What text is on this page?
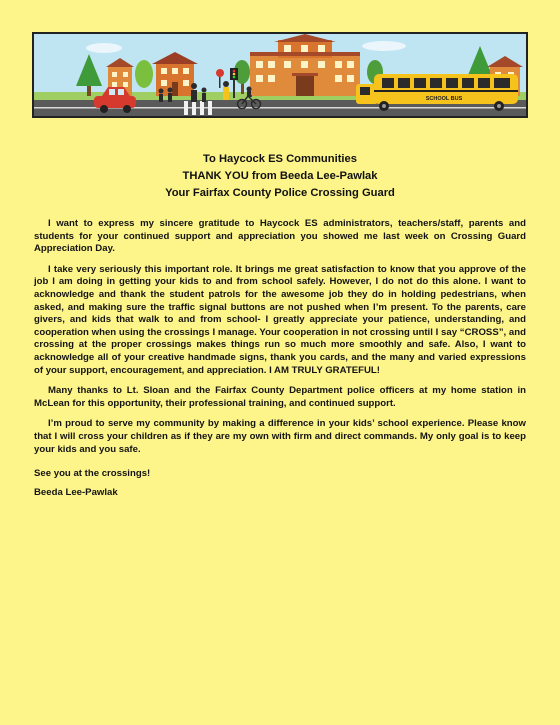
SCHOOL BUS
To Haycock ES Communities
THANK YOU from Beeda Lee-Pawlak
Your Fairfax County Police Crossing Guard

I want to express my sincere gratitude to Haycock ES administrators, teachers/staff, parents and students for your continued support and appreciation you showed me last week on Crossing Guard Appreciation Day.

I take very seriously this important role. It brings me great satisfaction to know that you approve of the job I am doing in getting your kids to and from school safely. However, I do not do this alone. I want to acknowledge and thank the student patrols for the awesome job they do in holding pedestrians, when asked, and making sure the traffic signal buttons are not pushed when I’m present. To the parents, care givers, and kids that walk to and from school- I greatly appreciate your patience, understanding, and cooperation when using the crossings I manage. Your cooperation in not crossing until I say “CROSS”, and crossing at the proper crossings makes things run so much more smoothly and safe. Also, I want to acknowledge all of your creative handmade signs, thank you cards, and the many and varied expressions of your support, encouragement, and appreciation. I AM TRULY GRATEFUL!

Many thanks to Lt. Sloan and the Fairfax County Department police officers at my home station in McLean for this opportunity, their professional training, and continued support.

I’m proud to serve my community by making a difference in your kids’ school experience. Please know that I will cross your children as if they are my own with firm and direct commands. My only goal is to keep your kids and you safe.

See you at the crossings!
Beeda Lee-Pawlak
